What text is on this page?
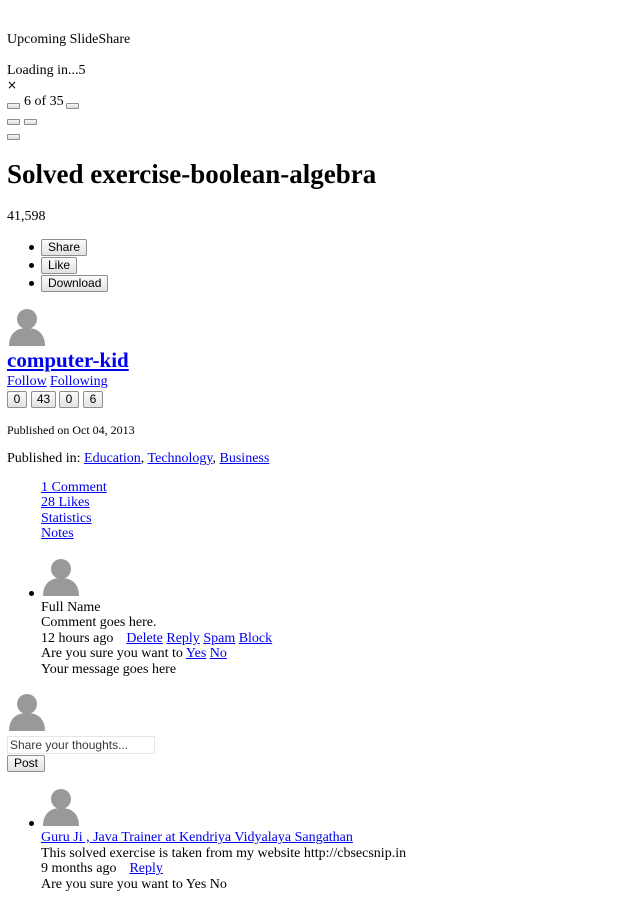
Upcoming SlideShare
Loading in...5
×
6 of 35
Solved exercise-boolean-algebra
41,598
Share
Like
Download
computer-kid
Follow Following
0	43	0	6
Published on Oct 04, 2013
Published in: Education, Technology, Business
1 Comment
28 Likes
Statistics
Notes
Full Name
Comment goes here.
12 hours ago Delete Reply Spam Block
Are you sure you want to Yes No
Your message goes here
Share your thoughts...
Post
Guru Ji , Java Trainer at Kendriya Vidyalaya Sangathan
This solved exercise is taken from my website http://cbsecsnip.in
9 months ago Reply
Are you sure you want to Yes No
